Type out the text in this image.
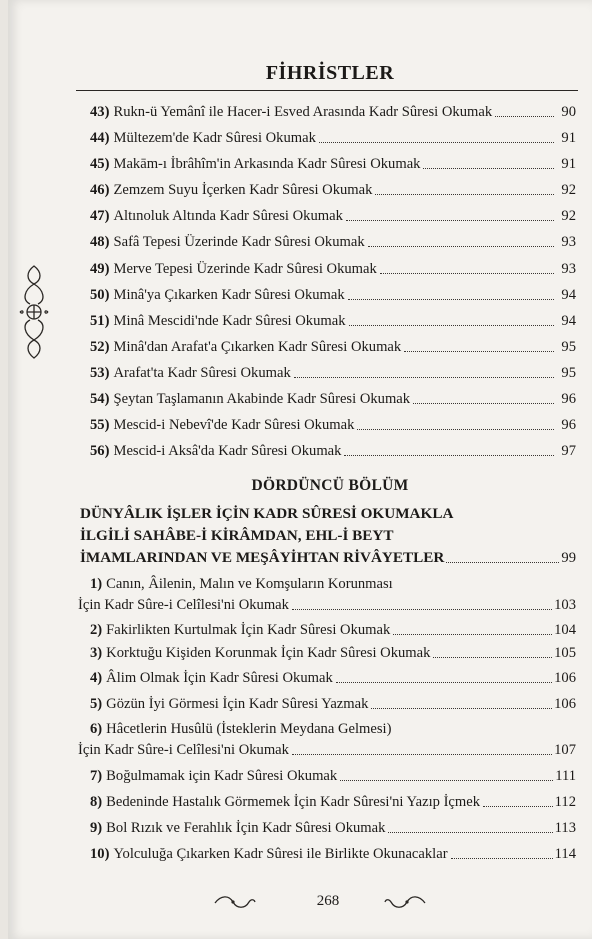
FİHRİSTLER
43) Rukn-ü Yemânî ile Hacer-i Esved Arasında Kadr Sûresi Okumak	90
44) Mültezem'de Kadr Sûresi Okumak	91
45) Makām-ı İbrâhîm'in Arkasında Kadr Sûresi Okumak	91
46) Zemzem Suyu İçerken Kadr Sûresi Okumak	92
47) Altınoluk Altında Kadr Sûresi Okumak	92
48) Safâ Tepesi Üzerinde Kadr Sûresi Okumak	93
49) Merve Tepesi Üzerinde Kadr Sûresi Okumak	93
50) Minâ'ya Çıkarken Kadr Sûresi Okumak	94
51) Minâ Mescidi'nde Kadr Sûresi Okumak	94
52) Minâ'dan Arafat'a Çıkarken Kadr Sûresi Okumak	95
53) Arafat'ta Kadr Sûresi Okumak	95
54) Şeytan Taşlamanın Akabinde Kadr Sûresi Okumak	96
55) Mescid-i Nebevî'de Kadr Sûresi Okumak	96
56) Mescid-i Aksâ'da Kadr Sûresi Okumak	97
DÖRDÜNCÜ BÖLÜM
DÜNYÂLIK İŞLER İÇİN KADR SÛRESİ OKUMAKLA
İLGİLİ SAHÂBE-İ KİRÂMDAN, EHL-İ BEYT
İMAMLARINDAN VE MEŞÂYİHTAN RİVÂYETLER	99
1) Canın, Âilenin, Malın ve Komşuların Korunması
İçin Kadr Sûre-i Celîlesi'ni Okumak	103
2) Fakirlikten Kurtulmak İçin Kadr Sûresi Okumak	104
3) Korktuğu Kişiden Korunmak İçin Kadr Sûresi Okumak	105
4) Âlim Olmak İçin Kadr Sûresi Okumak	106
5) Gözün İyi Görmesi İçin Kadr Sûresi Yazmak	106
6) Hâcetlerin Husûlü (İsteklerin Meydana Gelmesi)
İçin Kadr Sûre-i Celîlesi'ni Okumak	107
7) Boğulmamak için Kadr Sûresi Okumak	111
8) Bedeninde Hastalık Görmemek İçin Kadr Sûresi'ni Yazıp İçmek	112
9) Bol Rızık ve Ferahlık İçin Kadr Sûresi Okumak	113
10) Yolculuğa Çıkarken Kadr Sûresi ile Birlikte Okunacaklar	114
268
